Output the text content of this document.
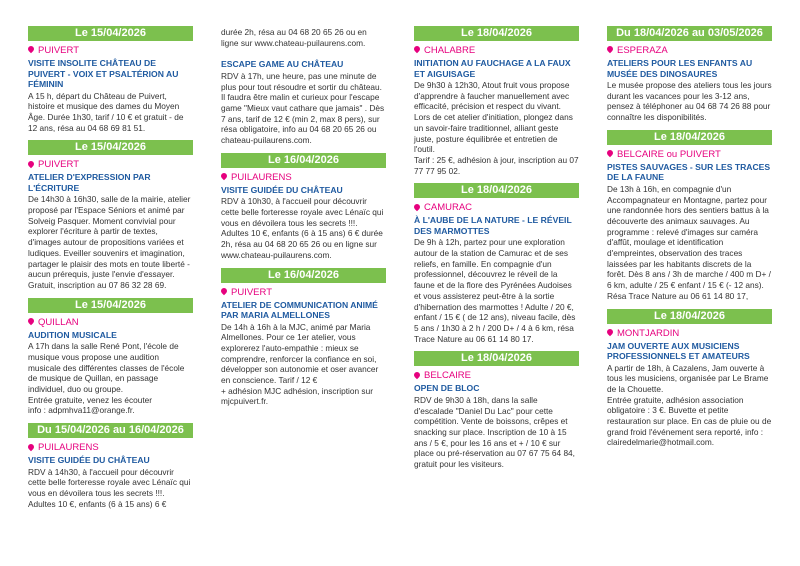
Le 15/04/2026
PUIVERT
VISITE INSOLITE CHÂTEAU DE PUIVERT - VOIX ET PSALTÉRION AU FÉMININ
A 15 h, départ du Château de Puivert, histoire et musique des dames du Moyen Âge. Durée 1h30, tarif / 10 € et gratuit - de 12 ans, résa au 04 68 69 81 51.
Le 15/04/2026
PUIVERT
ATELIER D'EXPRESSION PAR L'ÉCRITURE
De 14h30 à 16h30, salle de la mairie, atelier proposé par l'Espace Séniors et animé par Solveig Pasquer. Moment convivial pour explorer l'écriture à partir de textes, d'images autour de propositions variées et ludiques. Eveiller souvenirs et imagination, partager le plaisir des mots en toute liberté - aucun prérequis, juste l'envie d'essayer. Gratuit, inscription au 07 86 32 28 69.
Le 15/04/2026
QUILLAN
AUDITION MUSICALE
A 17h dans la salle René Pont, l'école de musique vous propose une audition musicale des différentes classes de l'école de musique de Quillan, en passage individuel, duo ou groupe.
Entrée gratuite, venez les écouter
info : adpmhva11@orange.fr.
Du 15/04/2026 au 16/04/2026
PUILAURENS
VISITE GUIDÉE DU CHÂTEAU
RDV à 14h30, à l'accueil pour découvrir cette belle forteresse royale avec Lénaïc qui vous en dévoilera tous les secrets !!!. Adultes 10 €, enfants (6 à 15 ans) 6 €
durée 2h, résa au 04 68 20 65 26 ou en ligne sur www.chateau-puilaurens.com.
ESCAPE GAME AU CHÂTEAU
RDV à 17h, une heure, pas une minute de plus pour tout résoudre et sortir du château. Il faudra être malin et curieux pour l'escape game "Mieux vaut cathare que jamais" . Dès 7 ans, tarif de 12 € (min 2, max 8 pers), sur résa obligatoire, info au 04 68 20 65 26 ou chateau-puilaurens.com.
Le 16/04/2026
PUILAURENS
VISITE GUIDÉE DU CHÂTEAU
RDV à 10h30, à l'accueil pour découvrir cette belle forteresse royale avec Lénaïc qui vous en dévoilera tous les secrets !!!. Adultes 10 €, enfants (6 à 15 ans) 6 € durée 2h, résa au 04 68 20 65 26 ou en ligne sur www.chateau-puilaurens.com.
Le 16/04/2026
PUIVERT
ATELIER DE COMMUNICATION ANIMÉ PAR MARIA ALMELLONES
De 14h à 16h à la MJC, animé par Maria Almellones. Pour ce 1er atelier, vous explorerez l'auto-empathie : mieux se comprendre, renforcer la confiance en soi, développer son autonomie et oser avancer en conscience. Tarif / 12 €
+ adhésion MJC adhésion, inscription sur mjcpuivert.fr.
Le 18/04/2026
CHALABRE
INITIATION AU FAUCHAGE A LA FAUX ET AIGUISAGE
De 9h30 à 12h30, Atout fruit vous propose d'apprendre à faucher manuellement avec efficacité, précision et respect du vivant. Lors de cet atelier d'initiation, plongez dans un savoir-faire traditionnel, alliant geste juste, posture équilibrée et entretien de l'outil.
Tarif : 25 €, adhésion à jour, inscription au 07 77 77 95 02.
Le 18/04/2026
CAMURAC
À L'AUBE DE LA NATURE - LE RÉVEIL DES MARMOTTES
De 9h à 12h, partez pour une exploration autour de la station de Camurac et de ses reliefs, en famille. En compagnie d'un professionnel, découvrez le réveil de la faune et de la flore des Pyrénées Audoises et vous assisterez peut-être à la sortie d'hibernation des marmottes ! Adulte / 20 €, enfant / 15 € ( de 12 ans), niveau facile, dès 5 ans / 1h30 à 2 h / 200 D+ / 4 à 6 km, résa Trace Nature au 06 61 14 80 17.
Le 18/04/2026
BELCAIRE
OPEN DE BLOC
RDV de 9h30 à 18h, dans la salle d'escalade "Daniel Du Lac" pour cette compétition. Vente de boissons, crêpes et snacking sur place. Inscription de 10 à 15 ans / 5 €, pour les 16 ans et + / 10 € sur place ou pré-réservation au 07 67 75 64 84, gratuit pour les visiteurs.
Du 18/04/2026 au 03/05/2026
ESPERAZA
ATELIERS POUR LES ENFANTS AU MUSÉE DES DINOSAURES
Le musée propose des ateliers tous les jours durant les vacances pour les 3-12 ans, pensez à téléphoner au 04 68 74 26 88 pour connaître les disponibilités.
Le 18/04/2026
BELCAIRE ou PUIVERT
PISTES SAUVAGES - SUR LES TRACES DE LA FAUNE
De 13h à 16h, en compagnie d'un Accompagnateur en Montagne, partez pour une randonnée hors des sentiers battus à la découverte des animaux sauvages. Au programme : relevé d'images sur caméra d'affût, moulage et identification d'empreintes, observation des traces laissées par les habitants discrets de la forêt. Dès 8 ans / 3h de marche / 400 m D+ / 6 km, adulte / 25 € enfant / 15 € (- 12 ans). Résa Trace Nature au 06 61 14 80 17,
Le 18/04/2026
MONTJARDIN
JAM OUVERTE AUX MUSICIENS PROFESSIONNELS ET AMATEURS
A partir de 18h, à Cazalens, Jam ouverte à tous les musiciens, organisée par Le Brame de la Chouette.
Entrée gratuite, adhésion association obligatoire : 3 €. Buvette et petite restauration sur place. En cas de pluie ou de grand froid l'événement sera reporté, info : clairedelmarie@hotmail.com.
